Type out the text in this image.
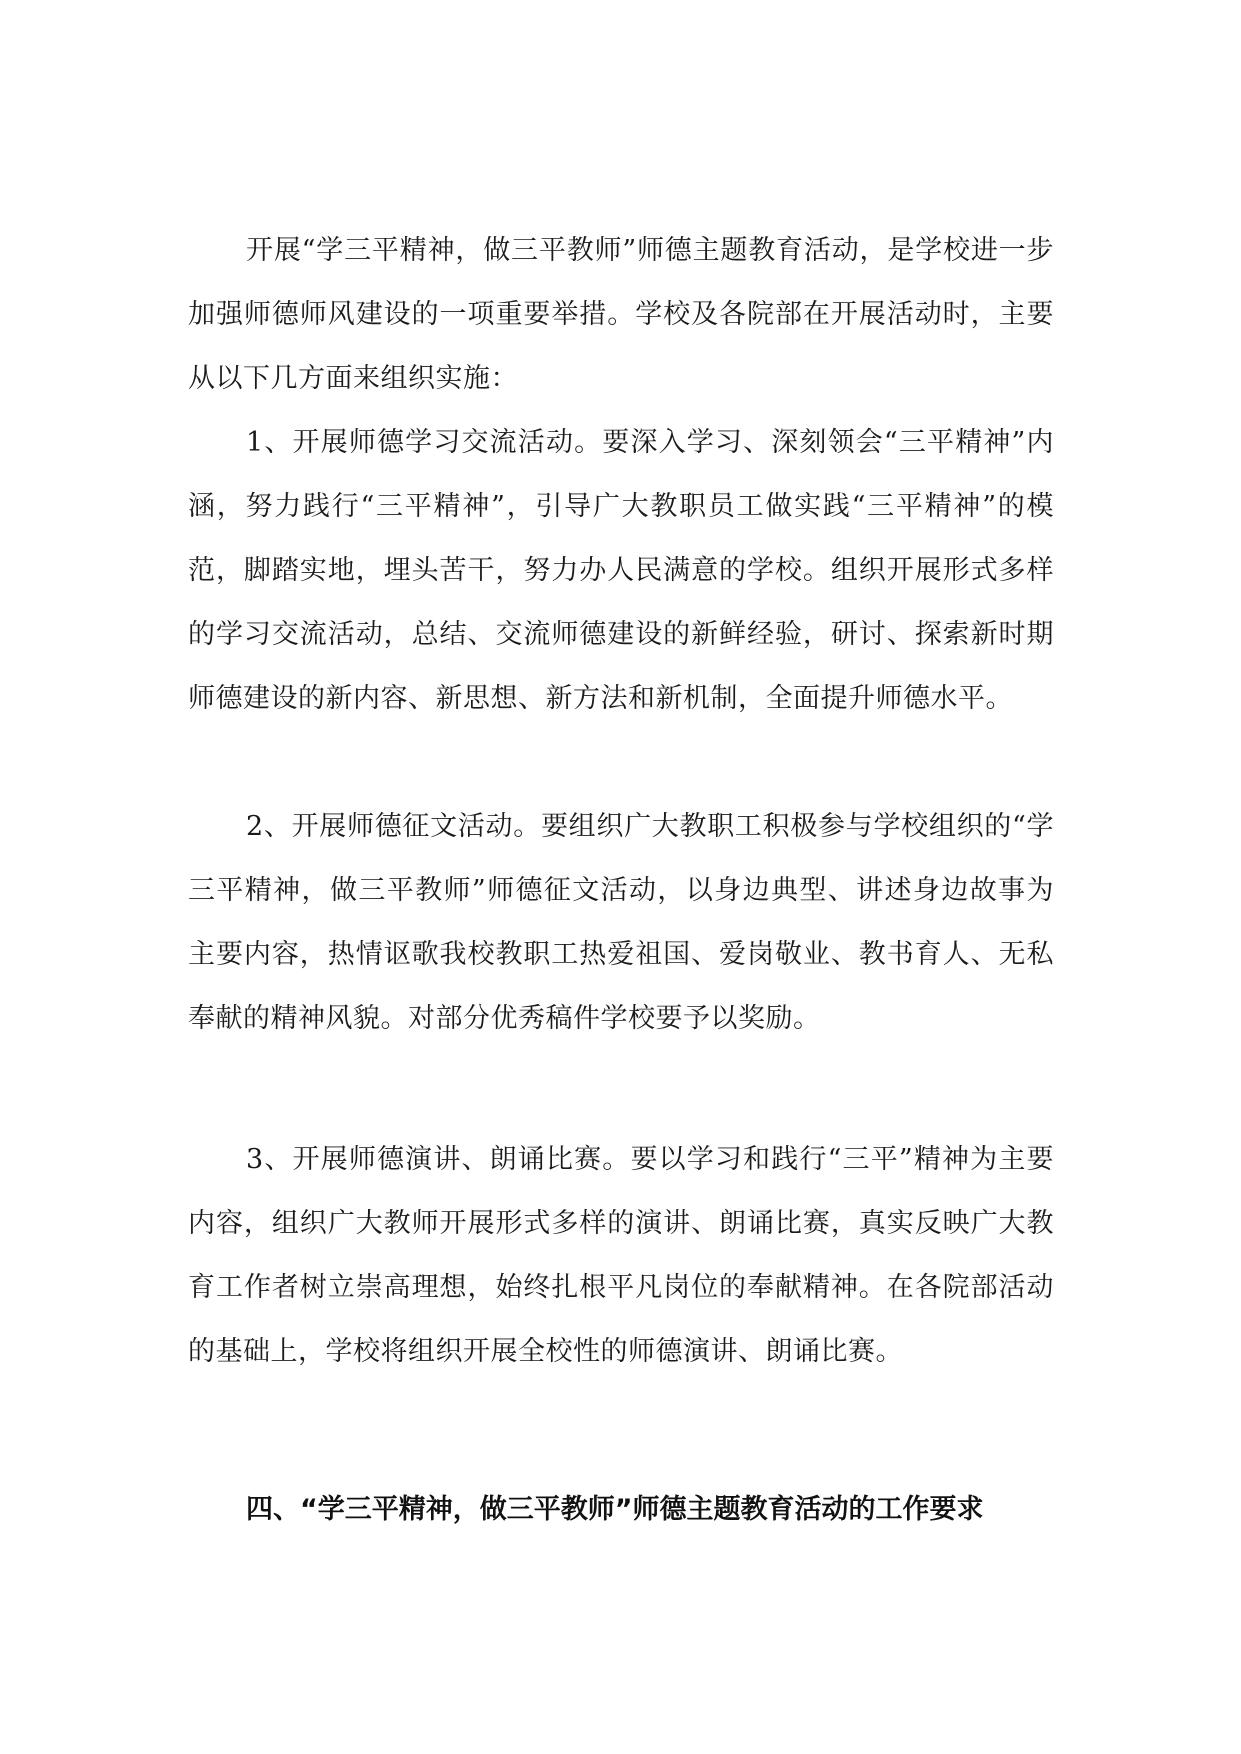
开展“学三平精神，做三平教师”师德主题教育活动，是学校进一步加强师德师风建设的一项重要举措。学校及各院部在开展活动时，主要从以下几方面来组织实施：

1、开展师德学习交流活动。要深入学习、深刻领会“三平精神”内涵，努力践行“三平精神”，引导广大教职员工做实践“三平精神”的模范，脚踏实地，埋头苦干，努力办人民满意的学校。组织开展形式多样的学习交流活动，总结、交流师德建设的新鲜经验，研讨、探索新时期师德建设的新内容、新思想、新方法和新机制，全面提升师德水平。

2、开展师德征文活动。要组织广大教职工积极参与学校组织的“学三平精神，做三平教师”师德征文活动，以身边典型、讲述身边故事为主要内容，热情讴歌我校教职工热爱祖国、爱岗敬业、教书育人、无私奉献的精神风貌。对部分优秀稿件学校要予以奖励。

3、开展师德演讲、朗诵比赛。要以学习和践行“三平”精神为主要内容，组织广大教师开展形式多样的演讲、朗诵比赛，真实反映广大教育工作者树立崇高理想，始终扎根平凡岗位的奉献精神。在各院部活动的基础上，学校将组织开展全校性的师德演讲、朗诵比赛。

四、“学三平精神，做三平教师”师德主题教育活动的工作要求
